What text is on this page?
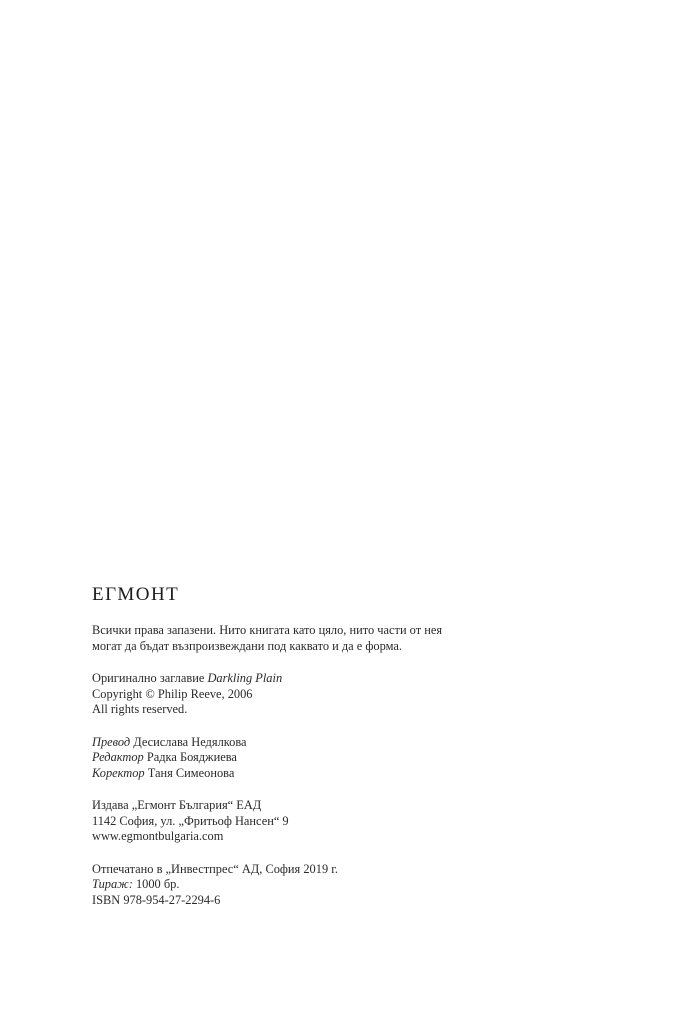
ЕГМОНТ
Всички права запазени. Нито книгата като цяло, нито части от нея
могат да бъдат възпроизвеждани под каквато и да е форма.
Оригинално заглавие Darkling Plain
Copyright © Philip Reeve, 2006
All rights reserved.
Превод Десислава Недялкова
Редактор Радка Бояджиева
Коректор Таня Симеонова
Издава „Егмонт България“ ЕАД
1142 София, ул. „Фритьоф Нансен“ 9
www.egmontbulgaria.com
Отпечатано в „Инвестпрес“ АД, София 2019 г.
Тираж: 1000 бр.
ISBN 978-954-27-2294-6
